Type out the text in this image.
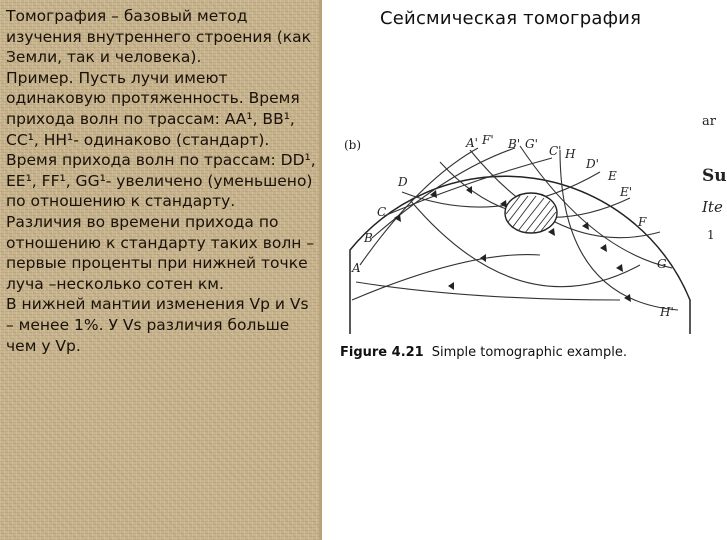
Томография – базовый метод изучения внутреннего строения (как Земли, так и человека).

Пример. Пусть лучи имеют одинаковую протяженность. Время прихода волн по трассам: AA¹, BB¹, CC¹, HH¹- одинаково (стандарт).

Время прихода волн по трассам: DD¹, EE¹, FF¹, GG¹- увеличено (уменьшено) по отношению к стандарту.

Различия во времени прихода по отношению к стандарту таких волн – первые проценты при нижней точке луча –несколько сотен км.

В нижней мантии изменения Vp и Vs – менее 1%. У Vs различия больше чем у Vp.

Сейсмическая томография
(b)
A
B
C
D
A' F' B' G' C' H
D'
E
E'
F
G
H'
Figure 4.21 Simple tomographic example.
ar
Su
Ite
1
